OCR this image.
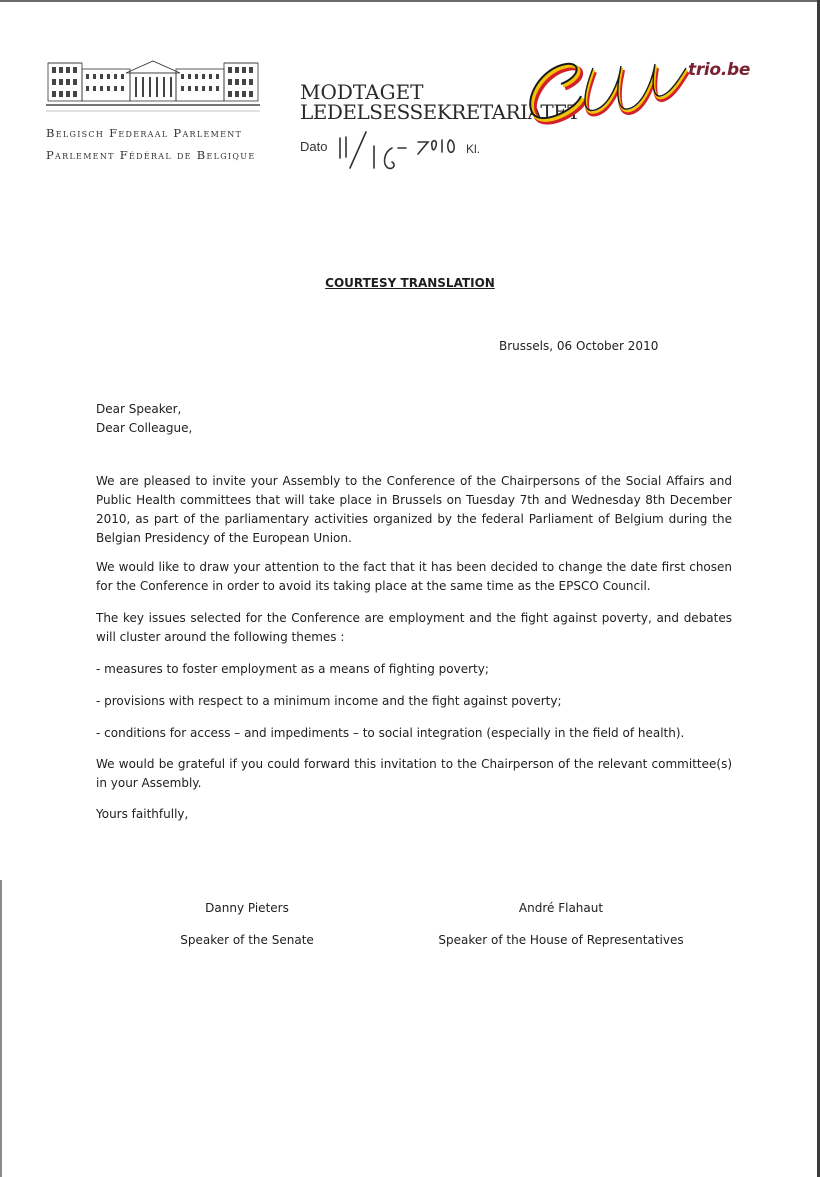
Belgisch Federaal Parlement
Parlement Fédéral de Belgique
MODTAGET
LEDELSESSEKRETARIATET
Dato	Kl.
trio.be
COURTESY TRANSLATION
Brussels, 06 October 2010
Dear Speaker,
Dear Colleague,
We are pleased to invite your Assembly to the Conference of the Chairpersons of the Social Affairs and Public Health committees that will take place in Brussels on Tuesday 7th and Wednesday 8th December 2010, as part of the parliamentary activities organized by the federal Parliament of Belgium during the Belgian Presidency of the European Union.
We would like to draw your attention to the fact that it has been decided to change the date first chosen for the Conference in order to avoid its taking place at the same time as the EPSCO Council.
The key issues selected for the Conference are employment and the fight against poverty, and debates will cluster around the following themes :
- measures to foster employment as a means of fighting poverty;
- provisions with respect to a minimum income and the fight against poverty;
- conditions for access – and impediments – to social integration (especially in the field of health).
We would be grateful if you could forward this invitation to the Chairperson of the relevant committee(s) in your Assembly.
Yours faithfully,
Danny Pieters	André Flahaut
Speaker of the Senate	Speaker of the House of Representatives
